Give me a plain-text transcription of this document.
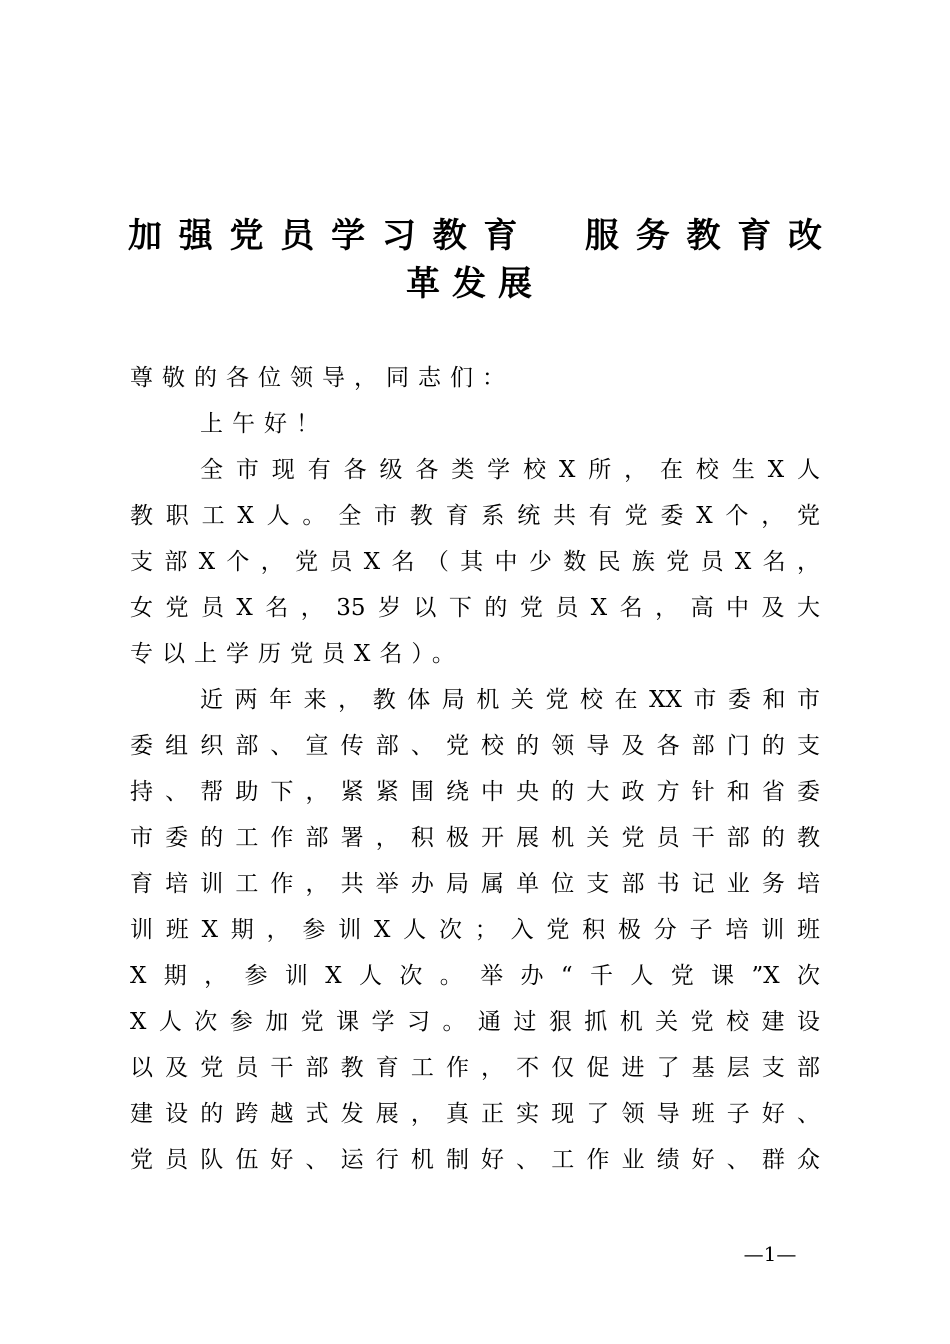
加强党员学习教育　服务教育改
革发展
尊敬的各位领导，同志们：
上午好！
全市现有各级各类学校X所，在校生X人
教职工X人。全市教育系统共有党委X个，党
支部X个，党员X名（其中少数民族党员X名，
女党员X名，35岁以下的党员X名，高中及大
专以上学历党员X名）。
近两年来，教体局机关党校在XX市委和市
委组织部、宣传部、党校的领导及各部门的支
持、帮助下，紧紧围绕中央的大政方针和省委
市委的工作部署，积极开展机关党员干部的教
育培训工作，共举办局属单位支部书记业务培
训班X期，参训X人次；入党积极分子培训班
X期，参训X人次。举办“千人党课”X次
X人次参加党课学习。通过狠抓机关党校建设
以及党员干部教育工作，不仅促进了基层支部
建设的跨越式发展，真正实现了领导班子好、
党员队伍好、运行机制好、工作业绩好、群众
—1—
